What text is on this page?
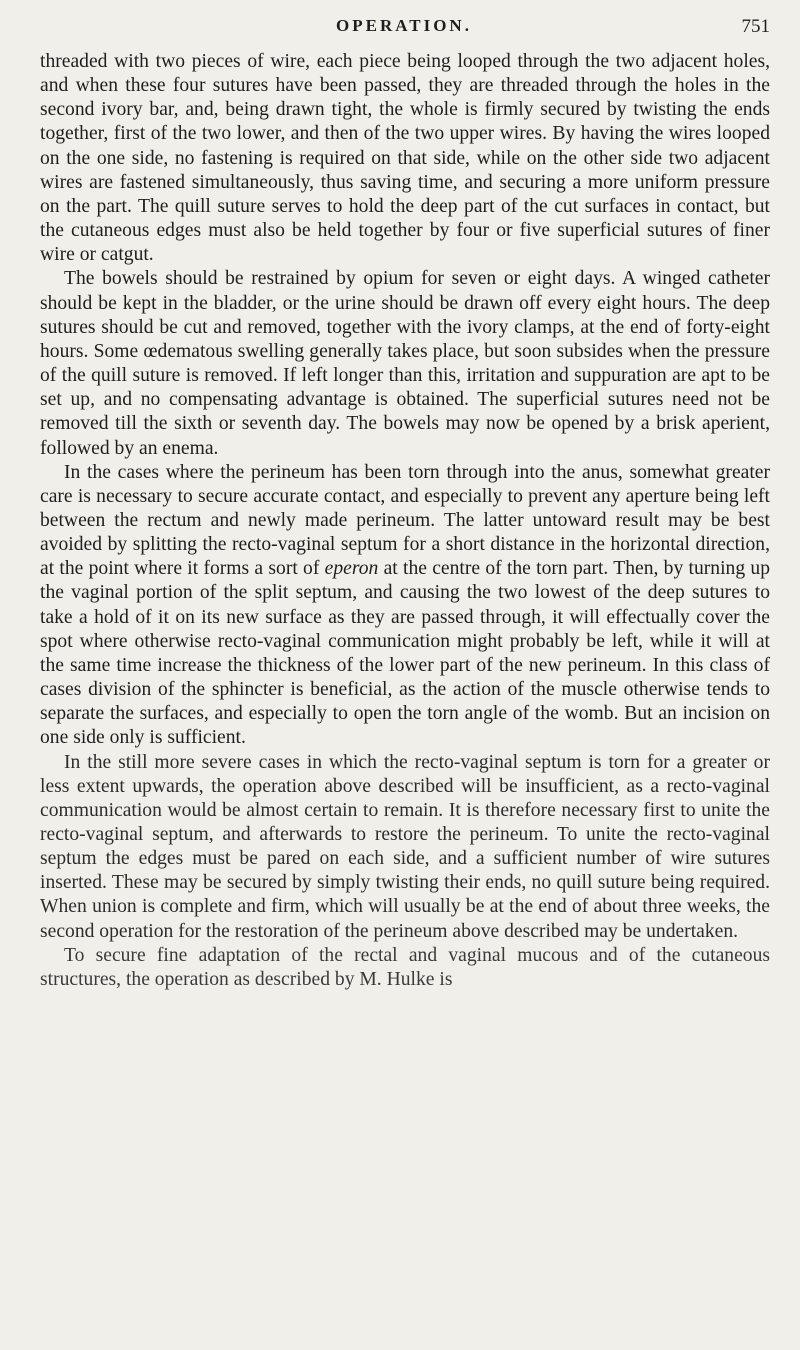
OPERATION.	751

threaded with two pieces of wire, each piece being looped through the two adjacent holes, and when these four sutures have been passed, they are threaded through the holes in the second ivory bar, and, being drawn tight, the whole is firmly secured by twisting the ends together, first of the two lower, and then of the two upper wires. By having the wires looped on the one side, no fastening is required on that side, while on the other side two adjacent wires are fastened simultaneously, thus saving time, and securing a more uniform pressure on the part. The quill suture serves to hold the deep part of the cut surfaces in contact, but the cutaneous edges must also be held together by four or five superficial sutures of finer wire or catgut.

The bowels should be restrained by opium for seven or eight days. A winged catheter should be kept in the bladder, or the urine should be drawn off every eight hours. The deep sutures should be cut and removed, together with the ivory clamps, at the end of forty-eight hours. Some œdematous swelling generally takes place, but soon subsides when the pressure of the quill suture is removed. If left longer than this, irritation and suppuration are apt to be set up, and no compensating advantage is obtained. The superficial sutures need not be removed till the sixth or seventh day. The bowels may now be opened by a brisk aperient, followed by an enema.

In the cases where the perineum has been torn through into the anus, somewhat greater care is necessary to secure accurate contact, and especially to prevent any aperture being left between the rectum and newly made perineum. The latter untoward result may be best avoided by splitting the recto-vaginal septum for a short distance in the horizontal direction, at the point where it forms a sort of eperon at the centre of the torn part. Then, by turning up the vaginal portion of the split septum, and causing the two lowest of the deep sutures to take a hold of it on its new surface as they are passed through, it will effectually cover the spot where otherwise recto-vaginal communication might probably be left, while it will at the same time increase the thickness of the lower part of the new perineum. In this class of cases division of the sphincter is beneficial, as the action of the muscle otherwise tends to separate the surfaces, and especially to open the torn angle of the womb. But an incision on one side only is sufficient.

In the still more severe cases in which the recto-vaginal septum is torn for a greater or less extent upwards, the operation above described will be insufficient, as a recto-vaginal communication would be almost certain to remain. It is therefore necessary first to unite the recto-vaginal septum, and afterwards to restore the perineum. To unite the recto-vaginal septum the edges must be pared on each side, and a sufficient number of wire sutures inserted. These may be secured by simply twisting their ends, no quill suture being required. When union is complete and firm, which will usually be at the end of about three weeks, the second operation for the restoration of the perineum above described may be undertaken.

To secure fine adaptation of the rectal and vaginal mucous and of the cutaneous structures, the operation as described by M. Hulke is
